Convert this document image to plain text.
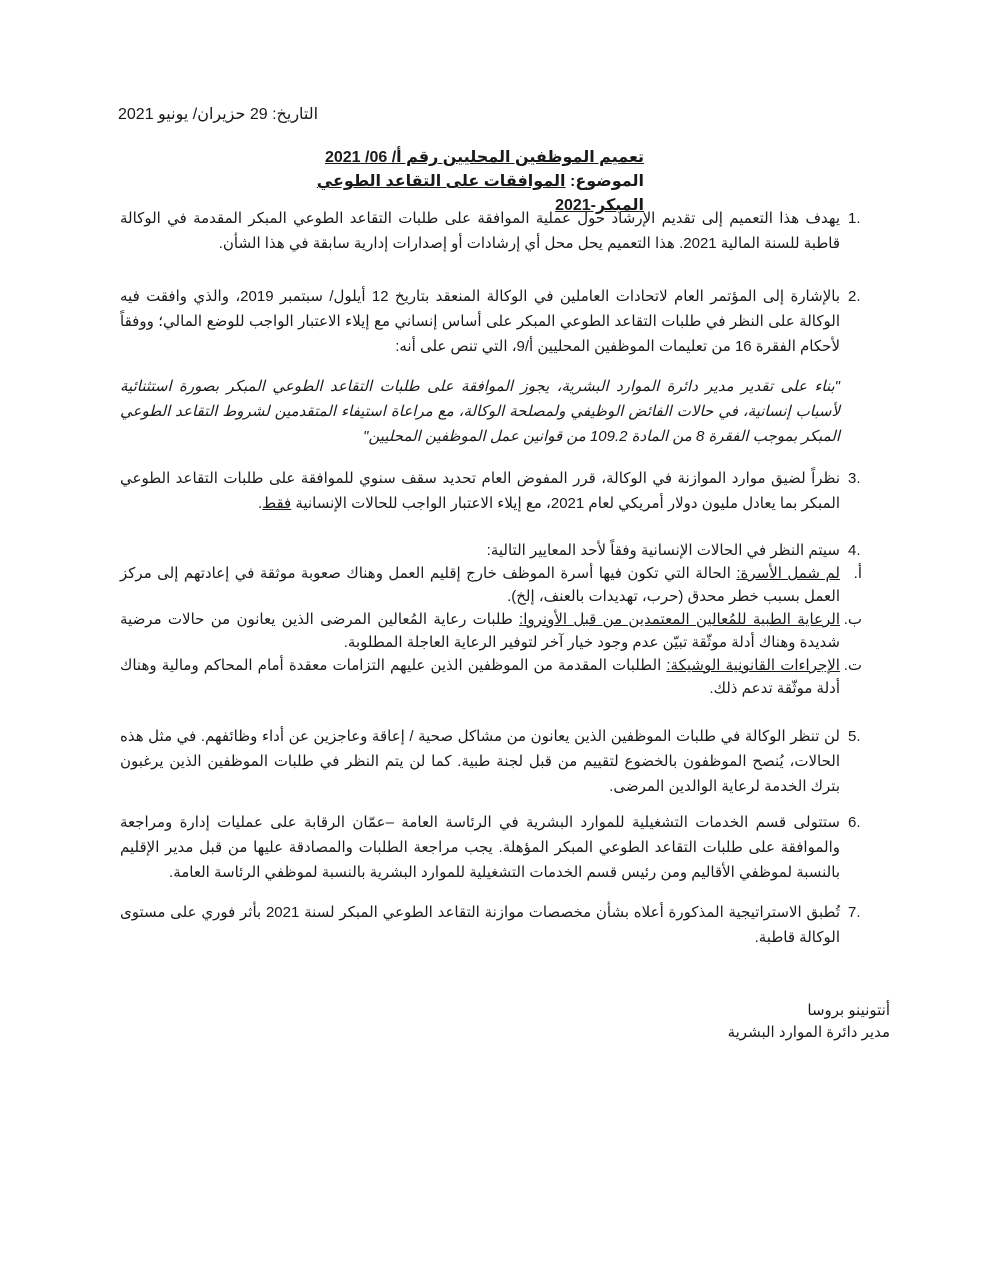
التاريخ: 29 حزيران/ يونيو 2021
تعميم الموظفين المحليين رقم أ/ 06/ 2021
الموضوع: الموافقات على التقاعد الطوعي المبكر-2021
1.
يهدف هذا التعميم إلى تقديم الإرشاد حول عملية الموافقة على طلبات التقاعد الطوعي المبكر المقدمة في الوكالة قاطبة للسنة المالية 2021. هذا التعميم يحل محل أي إرشادات أو إصدارات إدارية سابقة في هذا الشأن.
2.
بالإشارة إلى المؤتمر العام لاتحادات العاملين في الوكالة المنعقد بتاريخ 12 أيلول/ سبتمبر 2019، والذي وافقت فيه الوكالة على النظر في طلبات التقاعد الطوعي المبكر على أساس إنساني مع إيلاء الاعتبار الواجب للوضع المالي؛ ووفقاً لأحكام الفقرة 16 من تعليمات الموظفين المحليين أ/9، التي تنص على أنه:
"بناء على تقدير مدير دائرة الموارد البشرية، يجوز الموافقة على طلبات التقاعد الطوعي المبكر بصورة استثنائية لأسباب إنسانية، في حالات الفائض الوظيفي ولمصلحة الوكالة، مع مراعاة استيفاء المتقدمين لشروط التقاعد الطوعي المبكر بموجب الفقرة 8 من المادة 109.2 من قوانين عمل الموظفين المحليين"
3.
نظراً لضيق موارد الموازنة في الوكالة، قرر المفوض العام تحديد سقف سنوي للموافقة على طلبات التقاعد الطوعي المبكر بما يعادل مليون دولار أمريكي لعام 2021، مع إيلاء الاعتبار الواجب للحالات الإنسانية فقط.
4.
سيتم النظر في الحالات الإنسانية وفقاً لأحد المعايير التالية:
أ.
لم شمل الأسرة: الحالة التي تكون فيها أسرة الموظف خارج إقليم العمل وهناك صعوبة موثقة في إعادتهم إلى مركز العمل بسبب خطر محدق (حرب، تهديدات بالعنف، إلخ).
ب.
الرعاية الطبية للمُعالين المعتمدين من قبل الأونروا: طلبات رعاية المُعالين المرضى الذين يعانون من حالات مرضية شديدة وهناك أدلة موثّقة تبيّن عدم وجود خيار آخر لتوفير الرعاية العاجلة المطلوبة.
ت.
الإجراءات القانونية الوشيكة: الطلبات المقدمة من الموظفين الذين عليهم التزامات معقدة أمام المحاكم ومالية وهناك أدلة موثّقة تدعم ذلك.
5.
لن تنظر الوكالة في طلبات الموظفين الذين يعانون من مشاكل صحية / إعاقة وعاجزين عن أداء وظائفهم. في مثل هذه الحالات، يُنصح الموظفون بالخضوع لتقييم من قبل لجنة طبية. كما لن يتم النظر في طلبات الموظفين الذين يرغبون بترك الخدمة لرعاية الوالدين المرضى.
6.
ستتولى قسم الخدمات التشغيلية للموارد البشرية في الرئاسة العامة –عمّان الرقابة على عمليات إدارة ومراجعة والموافقة على طلبات التقاعد الطوعي المبكر المؤهلة. يجب مراجعة الطلبات والمصادقة عليها من قبل مدير الإقليم بالنسبة لموظفي الأقاليم ومن رئيس قسم الخدمات التشغيلية للموارد البشرية بالنسبة لموظفي الرئاسة العامة.
7.
تُطبق الاستراتيجية المذكورة أعلاه بشأن مخصصات موازنة التقاعد الطوعي المبكر لسنة 2021 بأثر فوري على مستوى الوكالة قاطبة.
أنتونينو بروسا
مدير دائرة الموارد البشرية
